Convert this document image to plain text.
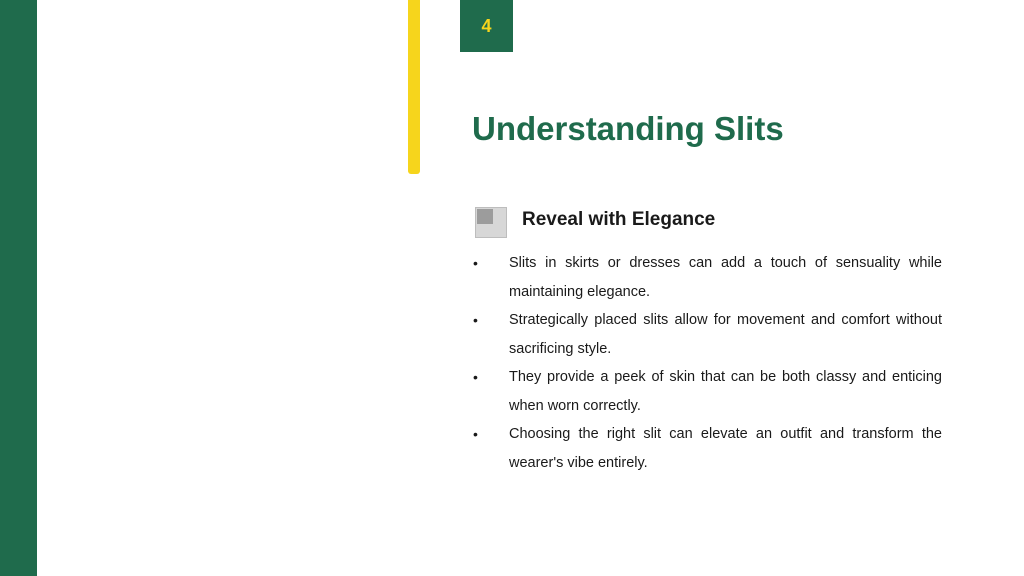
4
Understanding Slits
Reveal with Elegance
• Slits in skirts or dresses can add a touch of sensuality while maintaining elegance.
• Strategically placed slits allow for movement and comfort without sacrificing style.
• They provide a peek of skin that can be both classy and enticing when worn correctly.
• Choosing the right slit can elevate an outfit and transform the wearer's vibe entirely.
